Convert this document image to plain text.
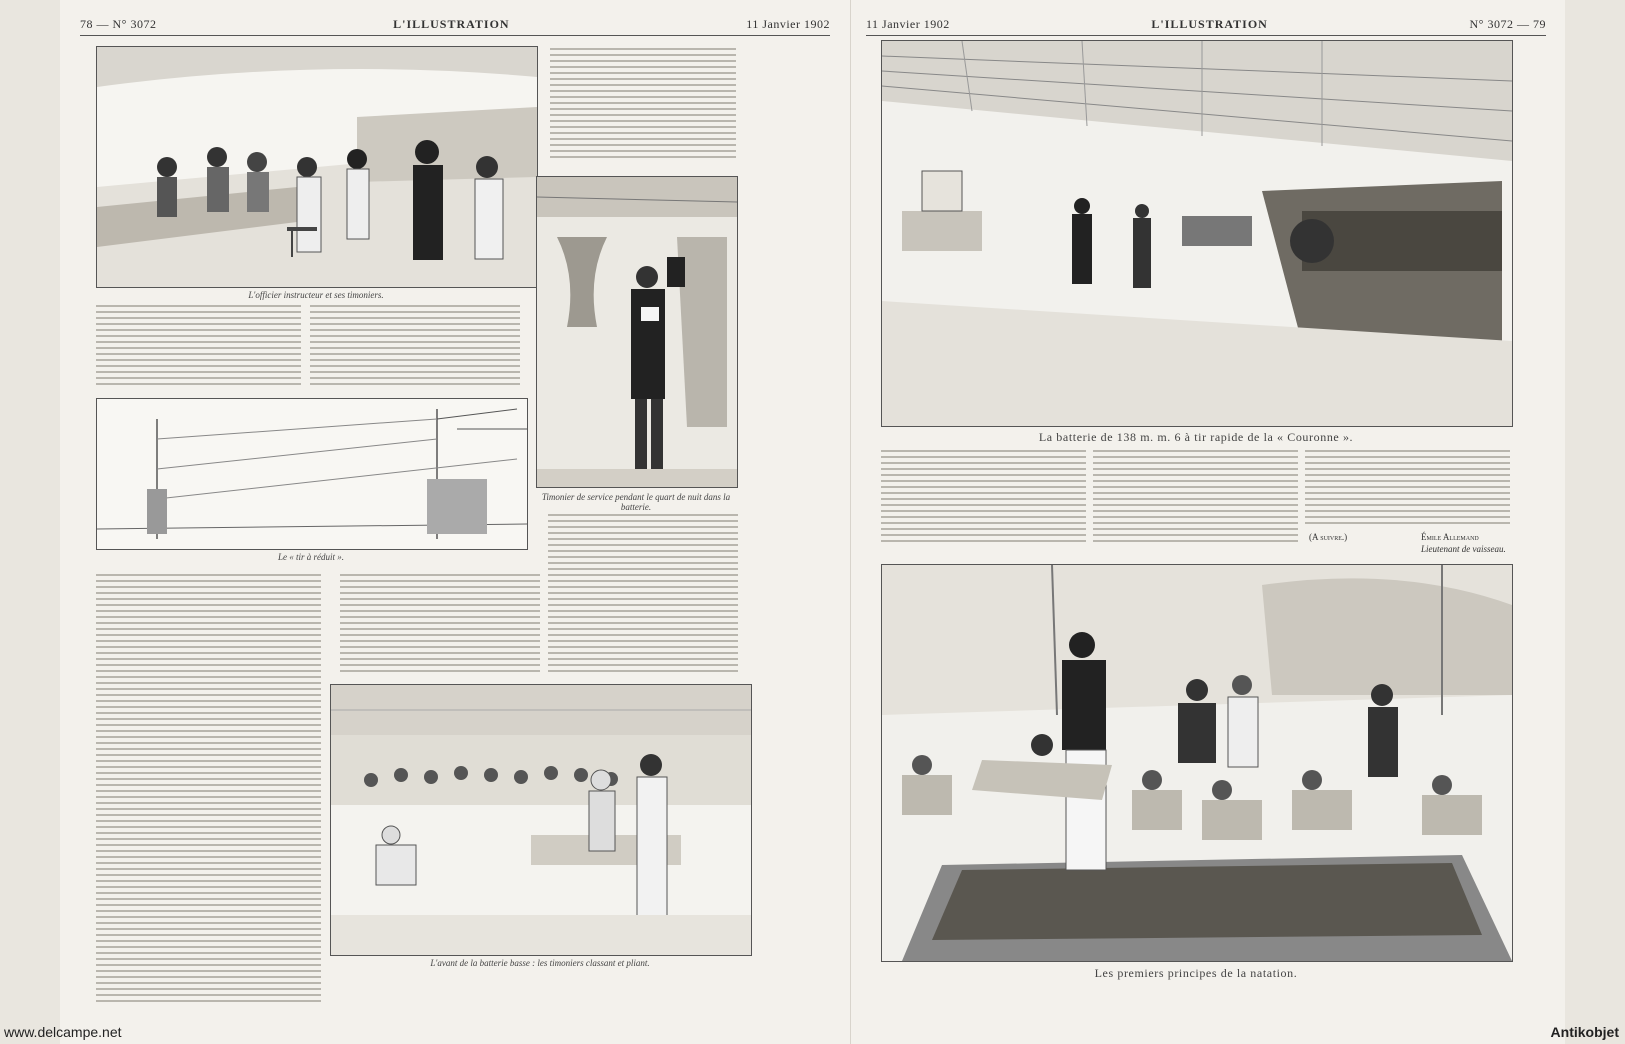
78 — N° 3072	L'ILLUSTRATION	11 Janvier 1902
L'officier instructeur et ses timoniers.
Timonier de service pendant le quart de nuit dans la batterie.
Le « tir à réduit ».
L'avant de la batterie basse : les timoniers classant et pliant.
11 Janvier 1902	L'ILLUSTRATION	N° 3072 — 79
La batterie de 138 m. m. 6 à tir rapide de la « Couronne ».
(A suivre.)	Émile Allemand
Lieutenant de vaisseau.
Les premiers principes de la natation.
www.delcampe.net	Antikobjet
